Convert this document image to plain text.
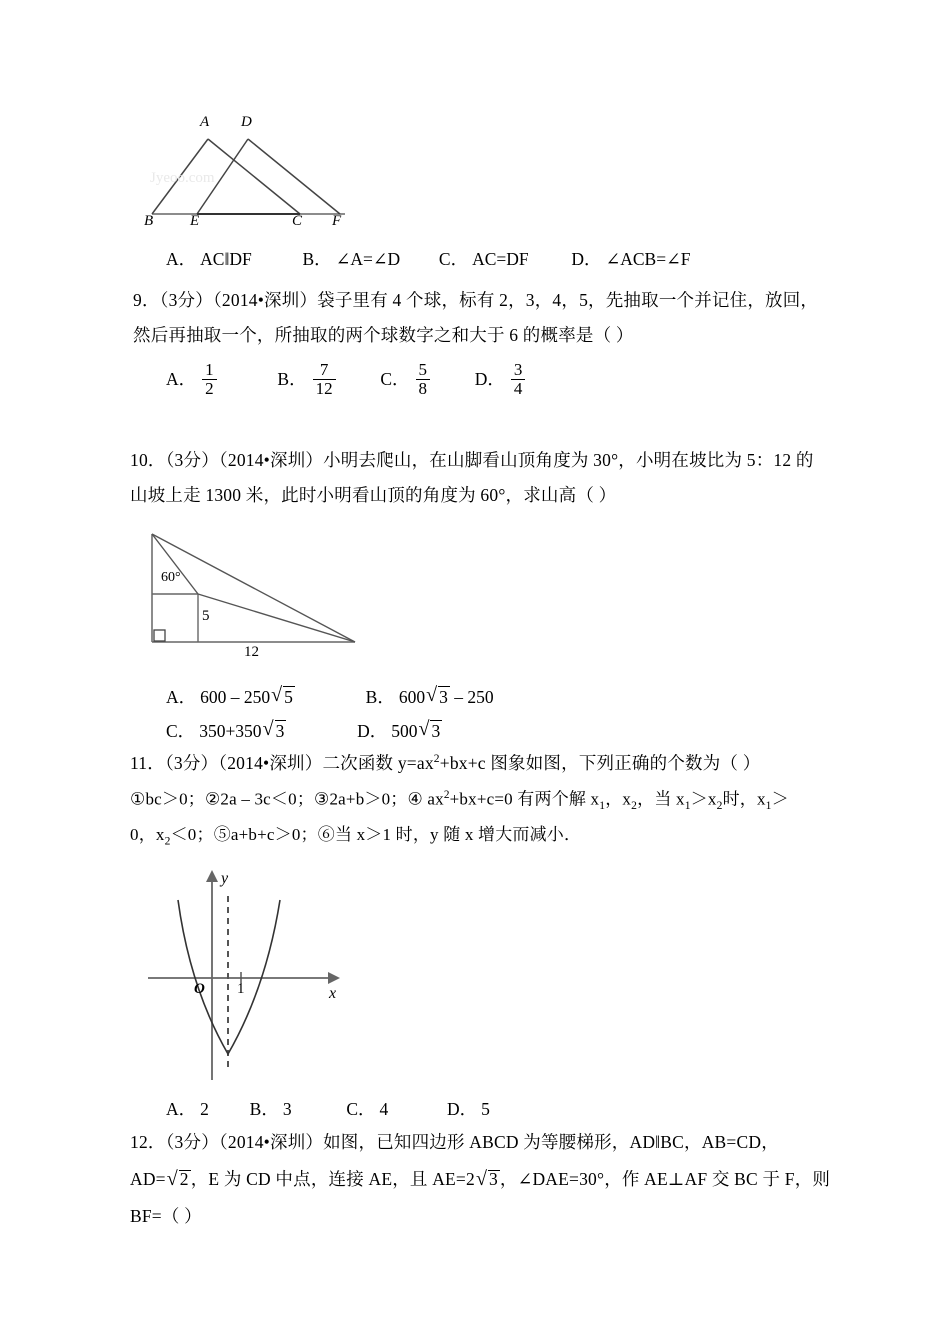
A D
B E	C F
Jyeoo.com
A． AC‖DF	B． ∠A=∠D C． AC=DF D． ∠ACB=∠F
9．（3分）（2014•深圳）袋子里有 4 个球，标有 2，3，4，5，先抽取一个并记住，放回，
然后再抽取一个，所抽取的两个球数字之和大于 6 的概率是（ ）
A． $\frac{1}{2}$	B． $\frac{7}{12}$	C． $\frac{5}{8}$	D． $\frac{3}{4}$
10．（3分）（2014•深圳）小明去爬山，在山脚看山顶角度为 30°，小明在坡比为 5：12 的
山坡上走 1300 米，此时小明看山顶的角度为 60°，求山高（ ）
60°
5
12
A． 600 – 250 √ 5	B． 600 √ 3 – 250
C． 350+350 √ 3	D． 500 √ 3
11．（3分）（2014•深圳）二次函数 $y=ax^2+bx+c$ 图象如图，下列正确的个数为（ ）
①bc＞0；②2a – 3c＜0；③2a+b＞0；④ $ax^2+bx+c=0$ 有两个解 $x_1$，$x_2$，当 $x_1>x_2$时，$x_1>$
0，$x_2<0$；⑤a+b+c＞0；⑥当 x＞1 时，y 随 x 增大而减小．
y
x
O 1
A． 2 B． 3	C． 4	D． 5
12．（3分）（2014•深圳）如图，已知四边形 ABCD 为等腰梯形，AD‖BC，AB=CD，
AD= √ 2 ，E 为 CD 中点，连接 AE，且 AE=2 √ 3 ，∠DAE=30°，作 AE⊥AF 交 BC 于 F，则
BF=（ ）
